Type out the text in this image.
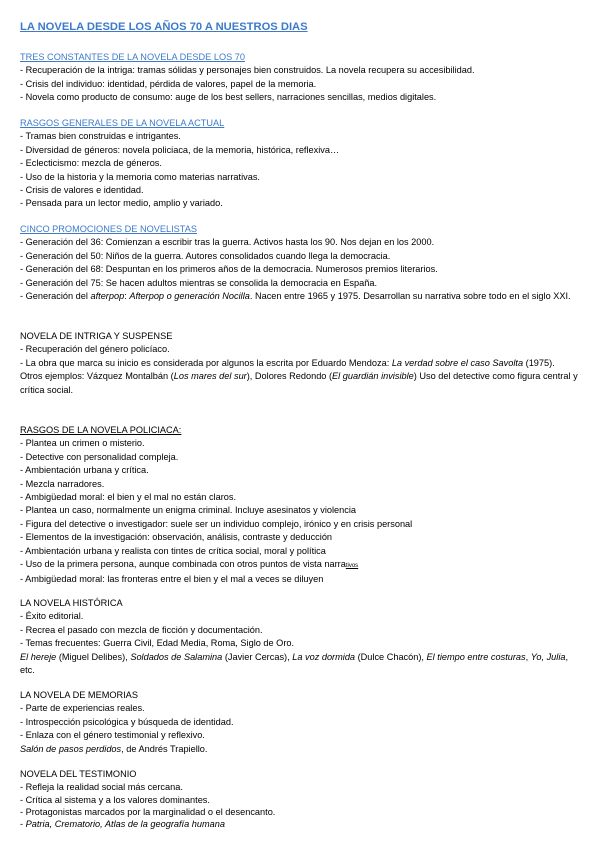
LA NOVELA DESDE LOS AÑOS 70 A NUESTROS DIAS
TRES CONSTANTES DE LA NOVELA DESDE LOS 70
- Recuperación de la intriga: tramas sólidas y personajes bien construidos. La novela recupera su accesibilidad.
- Crisis del individuo: identidad, pérdida de valores, papel de la memoria.
- Novela como producto de consumo: auge de los best sellers, narraciones sencillas, medios digitales.
RASGOS GENERALES DE LA NOVELA ACTUAL
- Tramas bien construidas e intrigantes.
- Diversidad de géneros: novela policiaca, de la memoria, histórica, reflexiva…
- Eclecticismo: mezcla de géneros.
- Uso de la historia y la memoria como materias narrativas.
- Crisis de valores e identidad.
- Pensada para un lector medio, amplio y variado.
CINCO PROMOCIONES DE NOVELISTAS
- Generación del 36: Comienzan a escribir tras la guerra. Activos hasta los 90. Nos dejan en los 2000.
- Generación del 50: Niños de la guerra. Autores consolidados cuando llega la democracia.
- Generación del 68: Despuntan en los primeros años de la democracia. Numerosos premios literarios.
- Generación del 75: Se hacen adultos mientras se consolida la democracia en España.
- Generación del afterpop: Afterpop o generación Nocilla. Nacen entre 1965 y 1975. Desarrollan su narrativa sobre todo en el siglo XXI.
NOVELA DE INTRIGA Y SUSPENSE
- Recuperación del género policíaco.
- La obra que marca su inicio es considerada por algunos la escrita por Eduardo Mendoza: La verdad sobre el caso Savolta (1975).
Otros ejemplos: Vázquez Montalbán (Los mares del sur), Dolores Redondo (El guardián invisible) Uso del detective como figura central y crítica social.
RASGOS DE LA NOVELA POLICIACA:
- Plantea un crimen o misterio.
- Detective con personalidad compleja.
- Ambientación urbana y crítica.
- Mezcla narradores.
- Ambigüedad moral: el bien y el mal no están claros.
- Plantea un caso, normalmente un enigma criminal. Incluye asesinatos y violencia
- Figura del detective o investigador: suele ser un individuo complejo, irónico y en crisis personal
- Elementos de la investigación: observación, análisis, contraste y deducción
- Ambientación urbana y realista con tintes de crítica social, moral y política
- Uso de la primera persona, aunque combinada con otros puntos de vista narrativos
- Ambigüedad moral: las fronteras entre el bien y el mal a veces se diluyen
LA NOVELA HISTÓRICA
- Éxito editorial.
- Recrea el pasado con mezcla de ficción y documentación.
- Temas frecuentes: Guerra Civil, Edad Media, Roma, Siglo de Oro.
El hereje (Miguel Delibes), Soldados de Salamina (Javier Cercas), La voz dormida (Dulce Chacón), El tiempo entre costuras, Yo, Julia, etc.
LA NOVELA DE MEMORIAS
- Parte de experiencias reales.
- Introspección psicológica y búsqueda de identidad.
- Enlaza con el género testimonial y reflexivo.
Salón de pasos perdidos, de Andrés Trapiello.
NOVELA DEL TESTIMONIO
- Refleja la realidad social más cercana.
- Crítica al sistema y a los valores dominantes.
- Protagonistas marcados por la marginalidad o el desencanto.
- Patria, Crematorio, Atlas de la geografía humana
